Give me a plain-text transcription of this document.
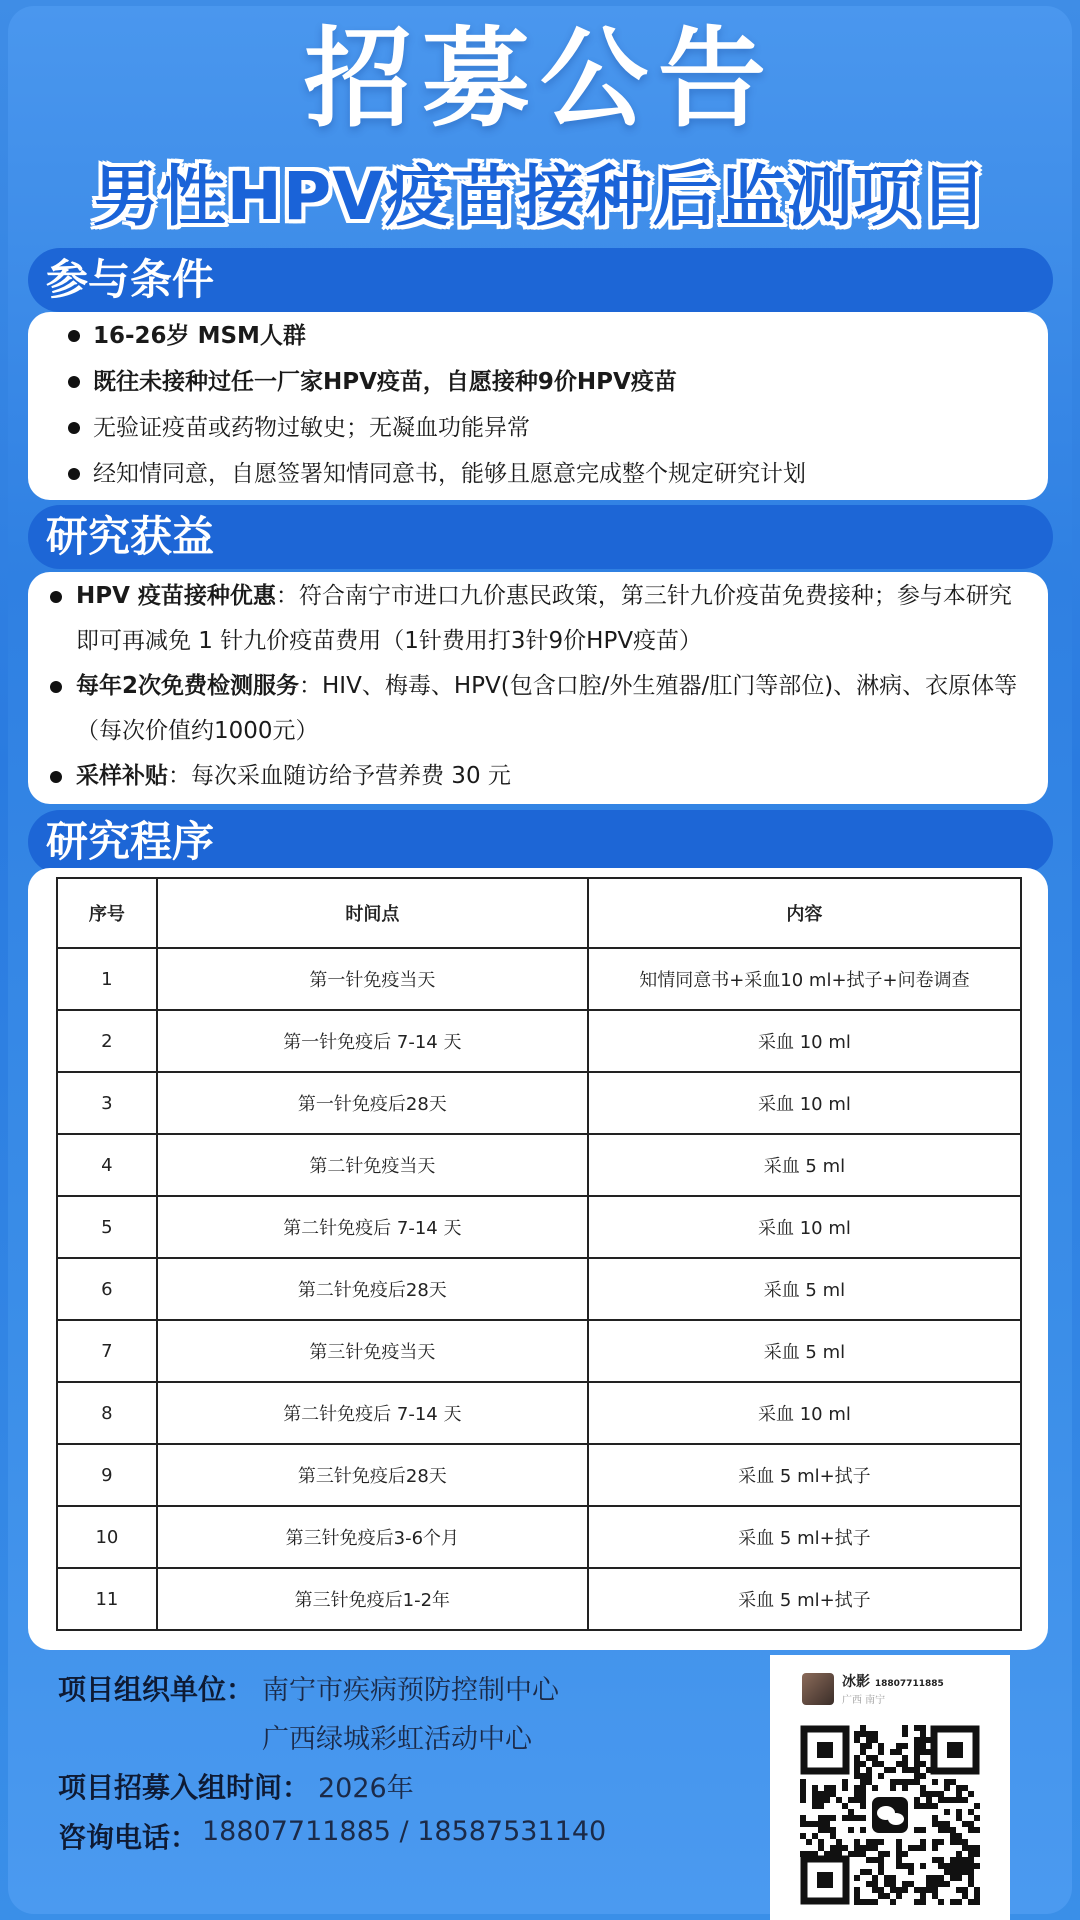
招募公告
男性HPV疫苗接种后监测项目
参与条件
16-26岁 MSM人群
既往未接种过任一厂家HPV疫苗，自愿接种9价HPV疫苗
无验证疫苗或药物过敏史；无凝血功能异常
经知情同意，自愿签署知情同意书，能够且愿意完成整个规定研究计划
研究获益
HPV 疫苗接种优惠：符合南宁市进口九价惠民政策，第三针九价疫苗免费接种；参与本研究即可再减免 1 针九价疫苗费用（1针费用打3针9价HPV疫苗）
每年2次免费检测服务：HIV、梅毒、HPV(包含口腔/外生殖器/肛门等部位)、淋病、衣原体等（每次价值约1000元）
采样补贴：每次采血随访给予营养费 30 元
研究程序
序号	时间点	内容
1	第一针免疫当天	知情同意书+采血10 ml+拭子+问卷调查
2	第一针免疫后 7-14 天	采血 10 ml
3	第一针免疫后28天	采血 10 ml
4	第二针免疫当天	采血 5 ml
5	第二针免疫后 7-14 天	采血 10 ml
6	第二针免疫后28天	采血 5 ml
7	第三针免疫当天	采血 5 ml
8	第二针免疫后 7-14 天	采血 10 ml
9	第三针免疫后28天	采血 5 ml+拭子
10	第三针免疫后3-6个月	采血 5 ml+拭子
11	第三针免疫后1-2年	采血 5 ml+拭子
项目组织单位： 南宁市疾病预防控制中心
广西绿城彩虹活动中心
项目招募入组时间： 2026年
咨询电话： 18807711885 / 18587531140
冰影 18807711885
广西 南宁
